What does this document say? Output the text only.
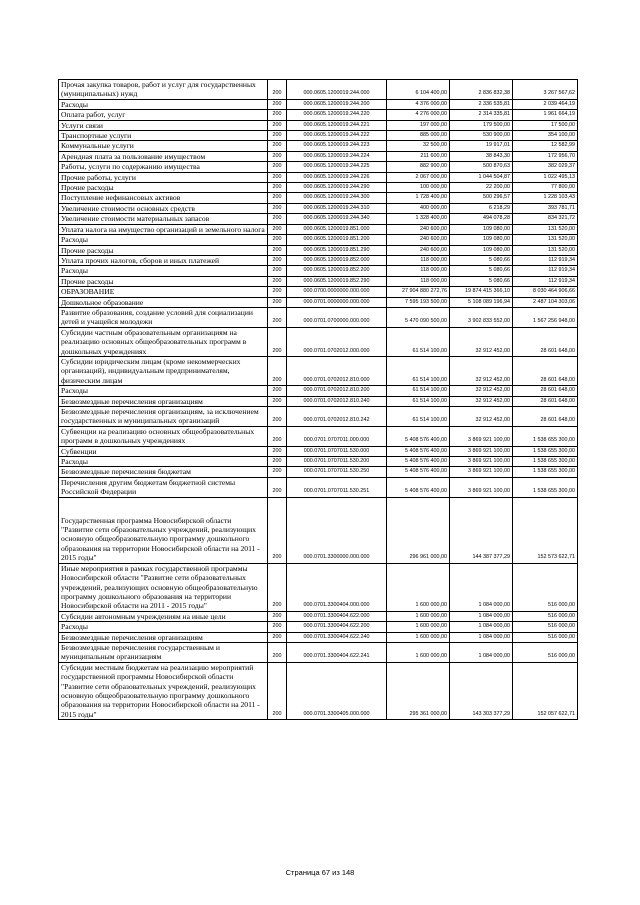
Прочая закупка товаров, работ и услуг для государственных (муниципальных) нужд	200	000.0605.1200019.244.000	6 104 400,00	2 836 832,38	3 267 567,62
Расходы	200	000.0605.1200019.244.200	4 376 000,00	2 336 535,81	2 039 464,19
Оплата работ, услуг	200	000.0605.1200019.244.220	4 276 000,00	2 314 335,81	1 961 664,19
Услуги связи	200	000.0605.1200019.244.221	197 000,00	179 500,00	17 500,00
Транспортные услуги	200	000.0605.1200019.244.222	885 000,00	530 900,00	354 100,00
Коммунальные услуги	200	000.0605.1200019.244.223	32 500,00	19 917,01	12 582,99
Арендная плата за пользование имуществом	200	000.0605.1200019.244.224	211 600,00	38 843,30	172 956,70
Работы, услуги по содержанию имущества	200	000.0605.1200019.244.225	882 900,00	500 870,63	382 029,37
Прочие работы, услуги	200	000.0605.1200019.244.226	2 067 000,00	1 044 504,87	1 022 495,13
Прочие расходы	200	000.0605.1200019.244.290	100 000,00	22 200,00	77 800,00
Поступление нефинансовых активов	200	000.0605.1200019.244.300	1 728 400,00	500 296,57	1 228 103,43
Увеличение стоимости основных средств	200	000.0605.1200019.244.310	400 000,00	6 218,29	393 781,71
Увеличение стоимости материальных запасов	200	000.0605.1200019.244.340	1 328 400,00	494 078,28	834 321,72
Уплата налога на имущество организаций и земельного налога	200	000.0605.1200019.851.000	240 600,00	109 080,00	131 520,00
Расходы	200	000.0605.1200019.851.200	240 600,00	109 080,00	131 520,00
Прочие расходы	200	000.0605.1200019.851.290	240 600,00	109 080,00	131 520,00
Уплата прочих налогов, сборов и иных платежей	200	000.0605.1200019.852.000	118 000,00	5 080,66	112 919,34
Расходы	200	000.0605.1200019.852.200	118 000,00	5 080,66	112 919,34
Прочие расходы	200	000.0605.1200019.852.290	118 000,00	5 080,66	112 919,34
ОБРАЗОВАНИЕ	200	000.0700.0000000.000.000	27 904 880 272,76	19 874 415 366,10	8 030 464 906,66
Дошкольное образование	200	000.0701.0000000.000.000	7 595 193 500,00	5 108 089 196,94	2 487 104 303,06
Развитие образования, создание условий для социализации детей и учащейся молодежи	200	000.0701.0700000.000.000	5 470 090 500,00	3 902 833 552,00	1 567 256 948,00
Субсидии частным образовательным организациям на реализацию основных общеобразовательных программ в дошкольных учреждениях	200	000.0701.0702012.000.000	61 514 100,00	32 912 452,00	28 601 648,00
Субсидии юридическим лицам (кроме некоммерческих организаций), индивидуальным предпринимателям, физическим лицам	200	000.0701.0702012.810.000	61 514 100,00	32 912 452,00	28 601 648,00
Расходы	200	000.0701.0702012.810.200	61 514 100,00	32 912 452,00	28 601 648,00
Безвозмездные перечисления организациям	200	000.0701.0702012.810.240	61 514 100,00	32 912 452,00	28 601 648,00
Безвозмездные перечисления организациям, за исключением государственных и муниципальных организаций	200	000.0701.0702012.810.242	61 514 100,00	32 912 452,00	28 601 648,00
Субвенции на реализацию основных общеобразовательных программ в дошкольных учреждениях	200	000.0701.0707011.000.000	5 408 576 400,00	3 869 921 100,00	1 538 655 300,00
Субвенции	200	000.0701.0707011.530.000	5 408 576 400,00	3 869 921 100,00	1 538 655 300,00
Расходы	200	000.0701.0707011.530.200	5 408 576 400,00	3 869 921 100,00	1 538 655 300,00
Безвозмездные перечисления бюджетам	200	000.0701.0707011.530.250	5 408 576 400,00	3 869 921 100,00	1 538 655 300,00
Перечисления другим бюджетам бюджетной системы Российской Федерации	200	000.0701.0707011.530.251	5 408 576 400,00	3 869 921 100,00	1 538 655 300,00
Государственная программа Новосибирской области "Развитие сети образовательных учреждений, реализующих основную общеобразовательную программу дошкольного образования на территории Новосибирской области на 2011 - 2015 годы"	200	000.0701.3300000.000.000	296 961 000,00	144 387 377,29	152 573 622,71
Иные мероприятия в рамках государственной программы Новосибирской области "Развитие сети образовательных учреждений, реализующих основную общеобразовательную программу дошкольного образования на территории Новосибирской области на 2011 - 2015 годы"	200	000.0701.3300404.000.000	1 600 000,00	1 084 000,00	516 000,00
Субсидии автономным учреждениям на иные цели	200	000.0701.3300404.622.000	1 600 000,00	1 084 000,00	516 000,00
Расходы	200	000.0701.3300404.622.200	1 600 000,00	1 084 000,00	516 000,00
Безвозмездные перечисления организациям	200	000.0701.3300404.622.240	1 600 000,00	1 084 000,00	516 000,00
Безвозмездные перечисления государственным и муниципальным организациям	200	000.0701.3300404.622.241	1 600 000,00	1 084 000,00	516 000,00
Субсидии местным бюджетам на реализацию мероприятий государственной программы Новосибирской области "Развитие сети образовательных учреждений, реализующих основную общеобразовательную программу дошкольного образования на территории Новосибирской области на 2011 - 2015 годы"	200	000.0701.3300405.000.000	295 361 000,00	143 303 377,29	152 057 622,71
Страница 67 из 148
